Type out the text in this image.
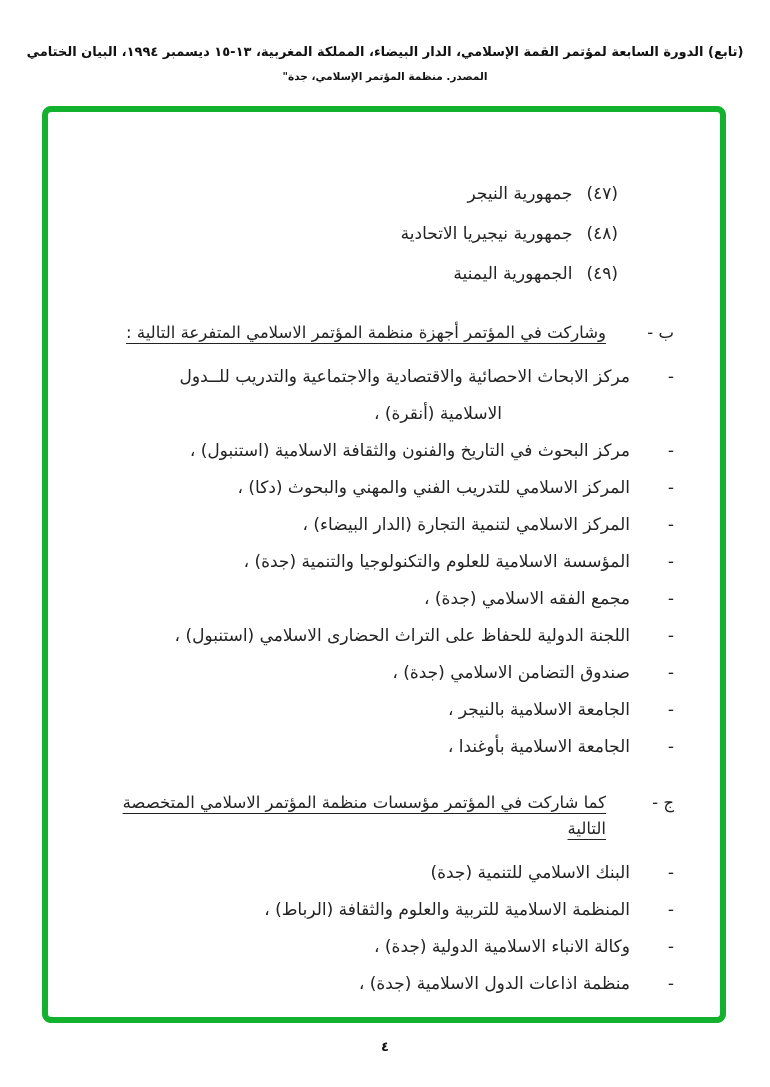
(تابع) الدورة السابعة لمؤتمر القمة الإسلامي، الدار البيضاء، المملكة المغربية، ١٣-١٥ ديسمبر ١٩٩٤، البيان الختامي
المصدر. منظمة المؤتمر الإسلامي، جدة"
(٤٧)جمهورية النيجر
(٤٨)جمهورية نيجيريا الاتحادية
(٤٩)الجمهورية اليمنية
ب -
وشاركت في المؤتمر أجهزة منظمة المؤتمر الاسلامي المتفرعة التالية :
-
مركز الابحاث الاحصائية والاقتصادية والاجتماعية والتدريب للــدول
الاسلامية (أنقرة) ،
-
مركز البحوث في التاريخ والفنون والثقافة الاسلامية (استنبول) ،
-
المركز الاسلامي للتدريب الفني والمهني والبحوث (دكا) ،
-
المركز الاسلامي لتنمية التجارة (الدار البيضاء) ،
-
المؤسسة الاسلامية للعلوم والتكنولوجيا والتنمية (جدة) ،
-
مجمع الفقه الاسلامي (جدة) ،
-
اللجنة الدولية للحفاظ على التراث الحضارى الاسلامي (استنبول) ،
-
صندوق التضامن الاسلامي (جدة) ،
-
الجامعة الاسلامية بالنيجر ،
-
الجامعة الاسلامية بأوغندا ،
ج -
كما شاركت في المؤتمر مؤسسات منظمة المؤتمر الاسلامي المتخصصة التالية
-
البنك الاسلامي للتنمية (جدة)
-
المنظمة الاسلامية للتربية والعلوم والثقافة (الرباط) ،
-
وكالة الانباء الاسلامية الدولية (جدة) ،
-
منظمة اذاعات الدول الاسلامية (جدة) ،
٤
